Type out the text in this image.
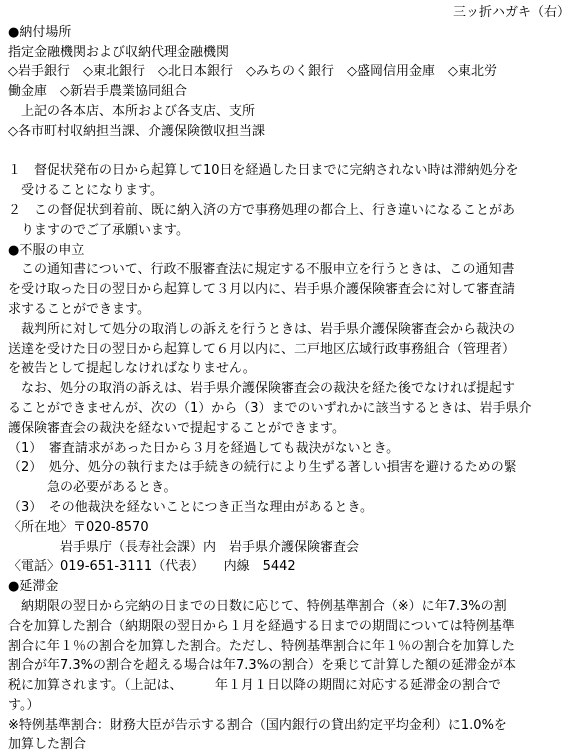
三ッ折ハガキ（右）
●納付場所
指定金融機関および収納代理金融機関
◇岩手銀行　◇東北銀行　◇北日本銀行　◇みちのく銀行　◇盛岡信用金庫　◇東北労
働金庫　◇新岩手農業協同組合
　上記の各本店、本所および各支店、支所
◇各市町村収納担当課、介護保険徴収担当課
１　督促状発布の日から起算して10日を経過した日までに完納されない時は滞納処分を
　受けることになります。
２　この督促状到着前、既に納入済の方で事務処理の都合上、行き違いになることがあ
　りますのでご了承願います。
●不服の申立
　この通知書について、行政不服審査法に規定する不服申立を行うときは、この通知書
を受け取った日の翌日から起算して３月以内に、岩手県介護保険審査会に対して審査請
求することができます。
　裁判所に対して処分の取消しの訴えを行うときは、岩手県介護保険審査会から裁決の
送達を受けた日の翌日から起算して６月以内に、二戸地区広域行政事務組合（管理者）
を被告として提起しなければなりません。
　なお、処分の取消の訴えは、岩手県介護保険審査会の裁決を経た後でなければ提起す
ることができませんが、次の（1）から（3）までのいずれかに該当するときは、岩手県介
護保険審査会の裁決を経ないで提起することができます。
（1）　審査請求があった日から３月を経過しても裁決がないとき。
（2）　処分、処分の執行または手続きの続行により生ずる著しい損害を避けるための緊
　　　急の必要があるとき。
（3）　その他裁決を経ないことにつき正当な理由があるとき。
〈所在地〉〒020-8570
　　　　岩手県庁（長寿社会課）内　岩手県介護保険審査会
〈電話〉019-651-3111（代表）　　内線　5442
●延滞金
　納期限の翌日から完納の日までの日数に応じて、特例基準割合（※）に年7.3%の割
合を加算した割合（納期限の翌日から１月を経過する日までの期間については特例基準
割合に年１％の割合を加算した割合。ただし、特例基準割合に年１％の割合を加算した
割合が年7.3%の割合を超える場合は年7.3%の割合）を乗じて計算した額の延滞金が本
税に加算されます。（上記は、　　　年１月１日以降の期間に対応する延滞金の割合で
す。）
※特例基準割合：財務大臣が告示する割合（国内銀行の貸出約定平均金利）に1.0%を
加算した割合
